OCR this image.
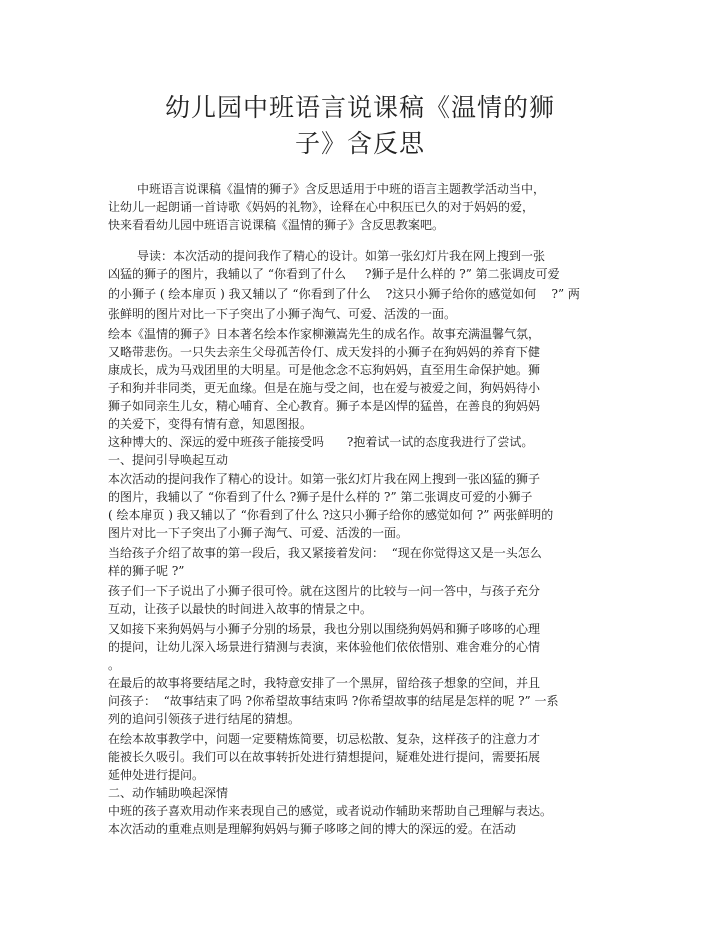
幼儿园中班语言说课稿《温情的狮
子》含反思
中班语言说课稿《温情的狮子》含反思适用于中班的语言主题教学活动当中，
让幼儿一起朗诵一首诗歌《妈妈的礼物》，诠释在心中积压已久的对于妈妈的爱，
快来看看幼儿园中班语言说课稿《温情的狮子》含反思教案吧。
导读：本次活动的提问我作了精心的设计。如第一张幻灯片我在网上搜到一张
凶猛的狮子的图片，我辅以了 “你看到了什么     ?狮子是什么样的 ?” 第二张调皮可爱
的小狮子 ( 绘本扉页 ) 我又辅以了 “你看到了什么    ?这只小狮子给你的感觉如何    ?” 两
张鲜明的图片对比一下子突出了小狮子淘气、可爱、活泼的一面。
绘本《温情的狮子》日本著名绘本作家柳濑嵩先生的成名作。故事充满温馨气氛，
又略带悲伤。一只失去亲生父母孤苦伶仃、成天发抖的小狮子在狗妈妈的养育下健
康成长，成为马戏团里的大明星。可是他念念不忘狗妈妈，直至用生命保护她。狮
子和狗并非同类，更无血缘。但是在施与受之间，也在爱与被爱之间，狗妈妈待小
狮子如同亲生儿女，精心哺育、全心教育。狮子本是凶悍的猛兽，在善良的狗妈妈
的关爱下，变得有情有意，知恩图报。
这种博大的、深远的爱中班孩子能接受吗      ?抱着试一试的态度我进行了尝试。
一、提问引导唤起互动
本次活动的提问我作了精心的设计。如第一张幻灯片我在网上搜到一张凶猛的狮子
的图片，我辅以了 “你看到了什么 ?狮子是什么样的 ?” 第二张调皮可爱的小狮子
( 绘本扉页 ) 我又辅以了 “你看到了什么 ?这只小狮子给你的感觉如何 ?” 两张鲜明的
图片对比一下子突出了小狮子淘气、可爱、活泼的一面。
当给孩子介绍了故事的第一段后，我又紧接着发问：  “现在你觉得这又是一头怎么
样的狮子呢 ?”
孩子们一下子说出了小狮子很可怜。就在这图片的比较与一问一答中，与孩子充分
互动，让孩子以最快的时间进入故事的情景之中。
又如接下来狗妈妈与小狮子分别的场景，我也分别以围绕狗妈妈和狮子哆哆的心理
的提问，让幼儿深入场景进行猜测与表演，来体验他们依依惜别、难舍难分的心情
。
在最后的故事将要结尾之时，我特意安排了一个黑屏，留给孩子想象的空间，并且
问孩子：  “故事结束了吗 ?你希望故事结束吗 ?你希望故事的结尾是怎样的呢 ?” 一系
列的追问引领孩子进行结尾的猜想。
在绘本故事教学中，问题一定要精炼简要，切忌松散、复杂，这样孩子的注意力才
能被长久吸引。我们可以在故事转折处进行猜想提问，疑难处进行提问，需要拓展
延伸处进行提问。
二、动作辅助唤起深情
中班的孩子喜欢用动作来表现自己的感觉，或者说动作辅助来帮助自己理解与表达。
本次活动的重难点则是理解狗妈妈与狮子哆哆之间的博大的深远的爱。在活动
